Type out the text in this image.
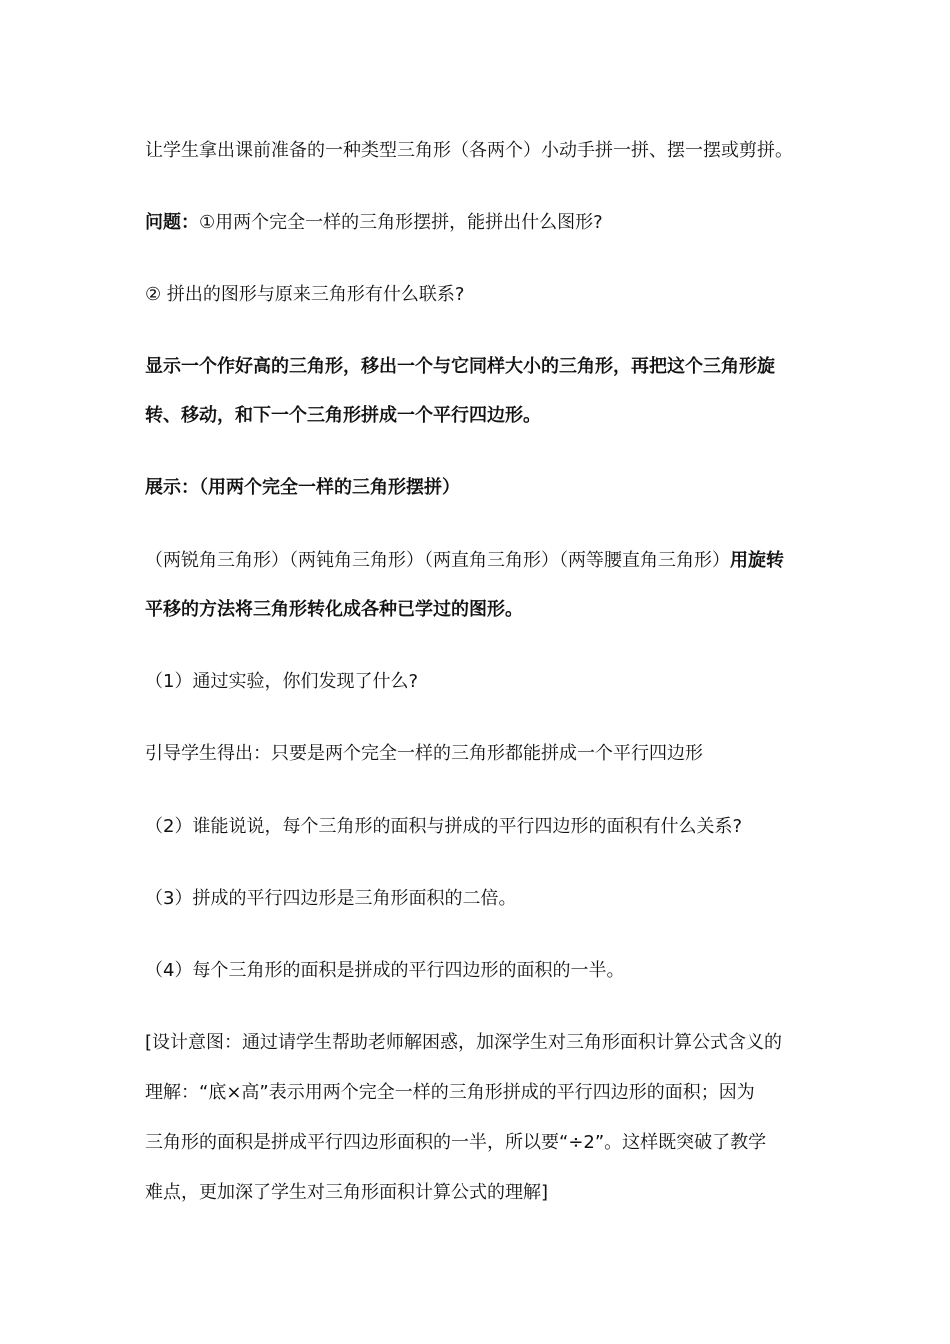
让学生拿出课前准备的一种类型三角形（各两个）小动手拼一拼、摆一摆或剪拼。
问题：①用两个完全一样的三角形摆拼，能拼出什么图形?
② 拼出的图形与原来三角形有什么联系?
显示一个作好高的三角形，移出一个与它同样大小的三角形，再把这个三角形旋
转、移动，和下一个三角形拼成一个平行四边形。
展示：（用两个完全一样的三角形摆拼）
（两锐角三角形）（两钝角三角形）（两直角三角形）（两等腰直角三角形）用旋转
平移的方法将三角形转化成各种已学过的图形。
（1）通过实验，你们发现了什么?
引导学生得出：只要是两个完全一样的三角形都能拼成一个平行四边形
（2）谁能说说，每个三角形的面积与拼成的平行四边形的面积有什么关系?
（3）拼成的平行四边形是三角形面积的二倍。
（4）每个三角形的面积是拼成的平行四边形的面积的一半。
[设计意图：通过请学生帮助老师解困惑，加深学生对三角形面积计算公式含义的
理解：“底×高”表示用两个完全一样的三角形拼成的平行四边形的面积；因为
三角形的面积是拼成平行四边形面积的一半，所以要“÷2”。这样既突破了教学
难点，更加深了学生对三角形面积计算公式的理解]
